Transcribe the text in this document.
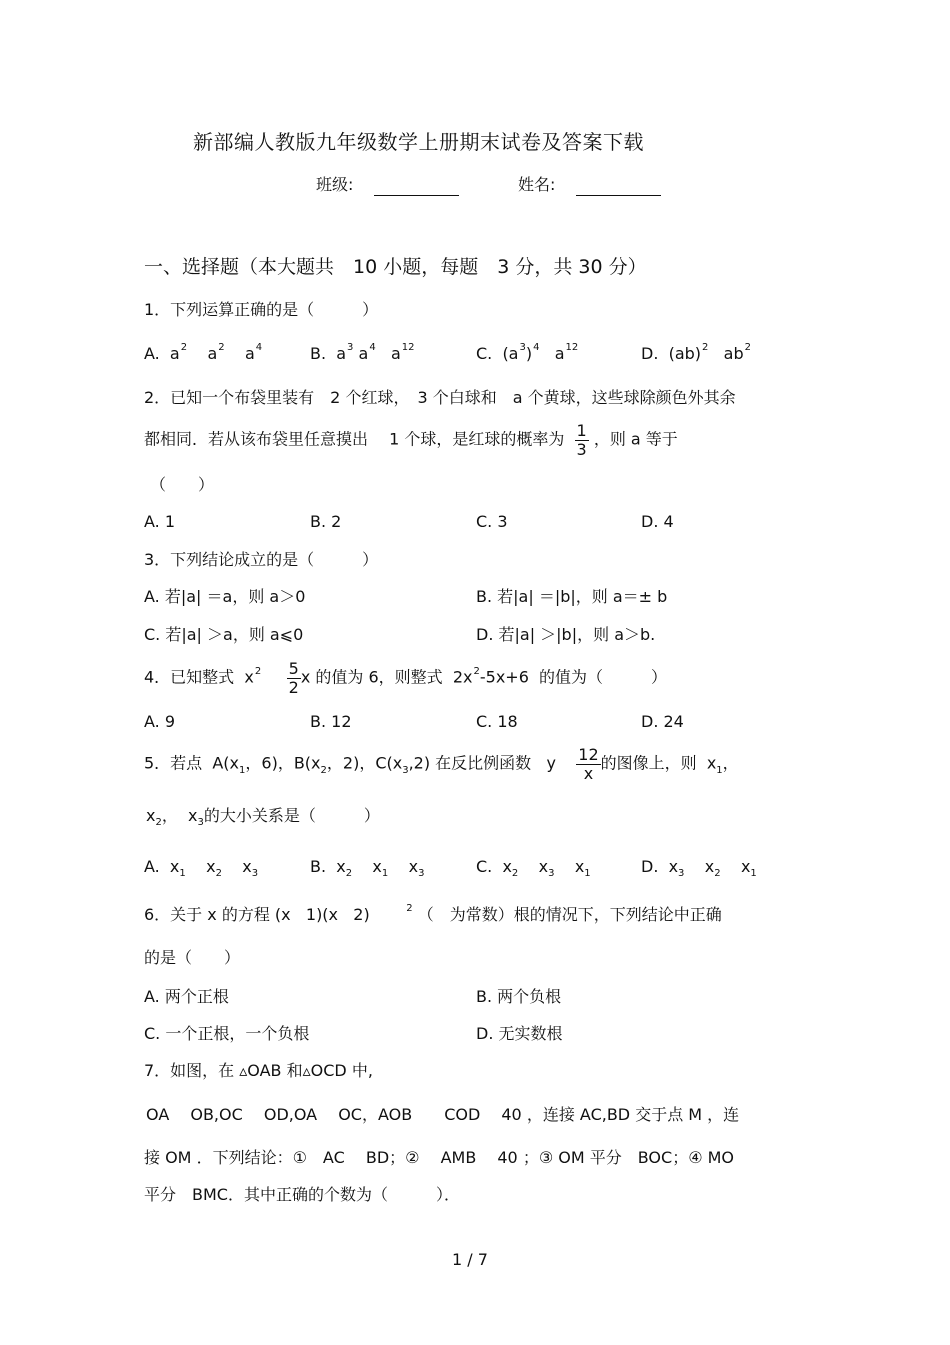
新部编人教版九年级数学上册期末试卷及答案下载
班级:	姓名:
一、选择题（本大题共　10 小题，每题　3 分，共 30 分）
1．下列运算正确的是（　　　）
A.  $a^2$    $a^2$    $a^4$	B.  $a^3$ $a^4$   $a^{12}$	C.  $(a^3)^4$   $a^{12}$	D.  (ab)$^2$   $ab^2$
2．已知一个布袋里装有　2 个红球，　3 个白球和　a 个黄球，这些球除颜色外其余
都相同．若从该布袋里任意摸出　 1 个球，是红球的概率为 $\frac{1}{3}$ ，则 a 等于
（　　）
A. 1	B. 2	C. 3	D. 4
3．下列结论成立的是（　　　）
A. 若|a| ＝a，则 a＞0	B. 若|a| ＝|b|，则 a＝± b
C. 若|a| ＞a，则 a⩽0	D. 若|a| ＞|b|，则 a＞b.
4．已知整式  $x^2 \frac{5}{2}$ x 的值为 6，则整式  $2x^2-5x+6$  的值为（　　　）
A. 9	B. 12	C. 18	D. 24
5．若点  $A(x_1$，6)，$B(x_2$，2)，$C(x_3,2)$ 在反比例函数   y $\frac{12}{x}$ 的图像上，则  $x_1$，
$x_2$，  $x_3$的大小关系是（　　　）
A.  $x_1$    $x_2$    $x_3$	B.  $x_2$    $x_1$    $x_3$	C.  $x_2$    $x_3$    $x_1$	D.  $x_3$    $x_2$    $x_1$
6．关于 x 的方程 (x   1)(x   2)       $^2$ （　为常数）根的情况下，下列结论中正确
的是（　　）
A. 两个正根	B. 两个负根
C. 一个正根，一个负根	D. 无实数根
7．如图，在 ▵OAB 和▵OCD 中,
OA　 OB,OC　 OD,OA　 OC，AOB　　COD　 40 ，连接 AC,BD 交于点 M ，连
接 OM ．下列结论：①　AC　 BD；②　 AMB　 40 ；③ OM 平分　BOC；④ MO
平分　BMC．其中正确的个数为（　　　）．
1 / 7
